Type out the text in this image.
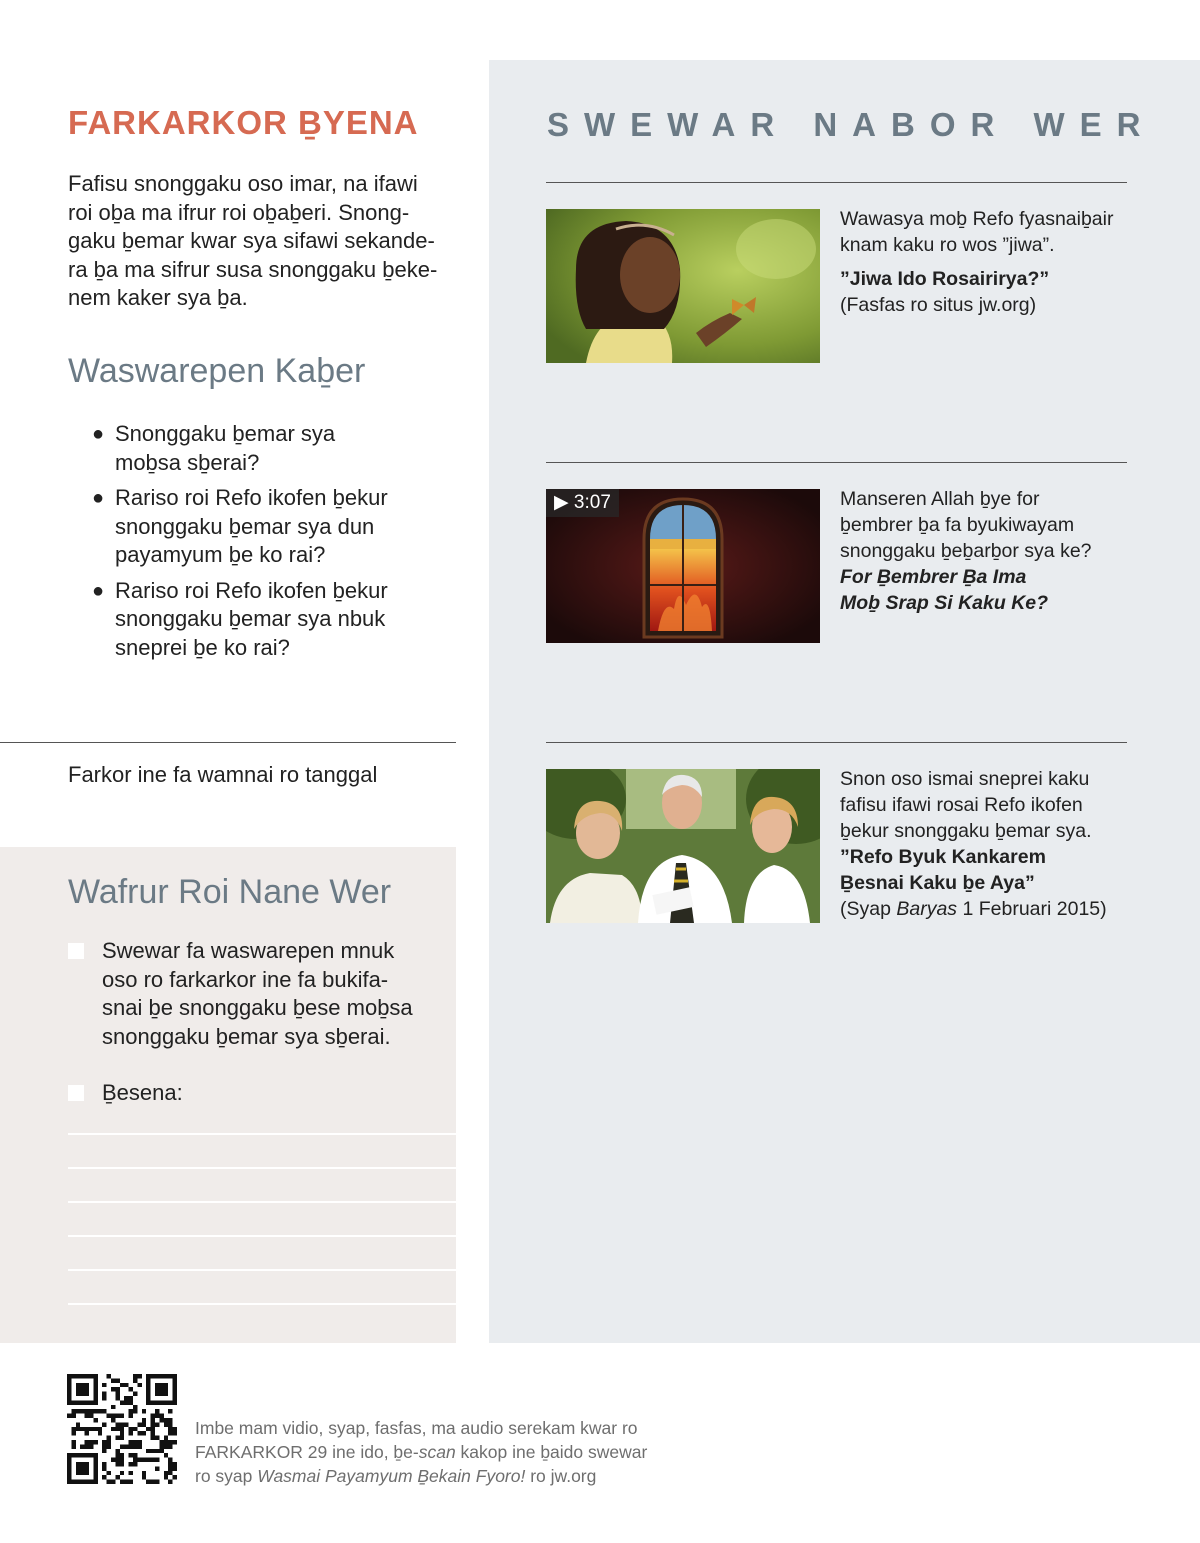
FARKARKOR ḆYENA
Fafisu snonggaku oso imar, na ifawi
roi oḇa ma ifrur roi oḇaḇeri. Snong-
gaku ḇemar kwar sya sifawi sekande-
ra ḇa ma sifrur susa snonggaku ḇeke-
nem kaker sya ḇa.
Waswarepen Kaḇer
● Snonggaku ḇemar sya
moḇsa sḇerai?
● Rariso roi Refo ikofen ḇekur
snonggaku ḇemar sya dun
payamyum ḇe ko rai?
● Rariso roi Refo ikofen ḇekur
snonggaku ḇemar sya nbuk
sneprei ḇe ko rai?
Farkor ine fa wamnai ro tanggal
Wafrur Roi Nane Wer
Swewar fa waswarepen mnuk
oso ro farkarkor ine fa bukifa-
snai ḇe snonggaku ḇese moḇsa
snonggaku ḇemar sya sḇerai.
Ḇesena:
SWEWAR NABOR WER
Wawasya moḇ Refo fyasnaiḇair
knam kaku ro wos ”jiwa”.
”Jiwa Ido Rosairirya?”
(Fasfas ro situs jw.org)
▶ 3:07	Manseren Allah ḇye for
ḇembrer ḇa fa byukiwayam
snonggaku ḇeḇarḇor sya ke?
For Ḇembrer Ḇa Ima
Moḇ Srap Si Kaku Ke?
Snon oso ismai sneprei kaku
fafisu ifawi rosai Refo ikofen
ḇekur snonggaku ḇemar sya.
”Refo Byuk Kankarem
Ḇesnai Kaku ḇe Aya”
(Syap Baryas 1 Februari 2015)
Imbe mam vidio, syap, fasfas, ma audio serekam kwar ro
FARKARKOR 29 ine ido, ḇe-scan kakop ine ḇaido swewar
ro syap Wasmai Payamyum Ḇekain Fyoro! ro jw.org
